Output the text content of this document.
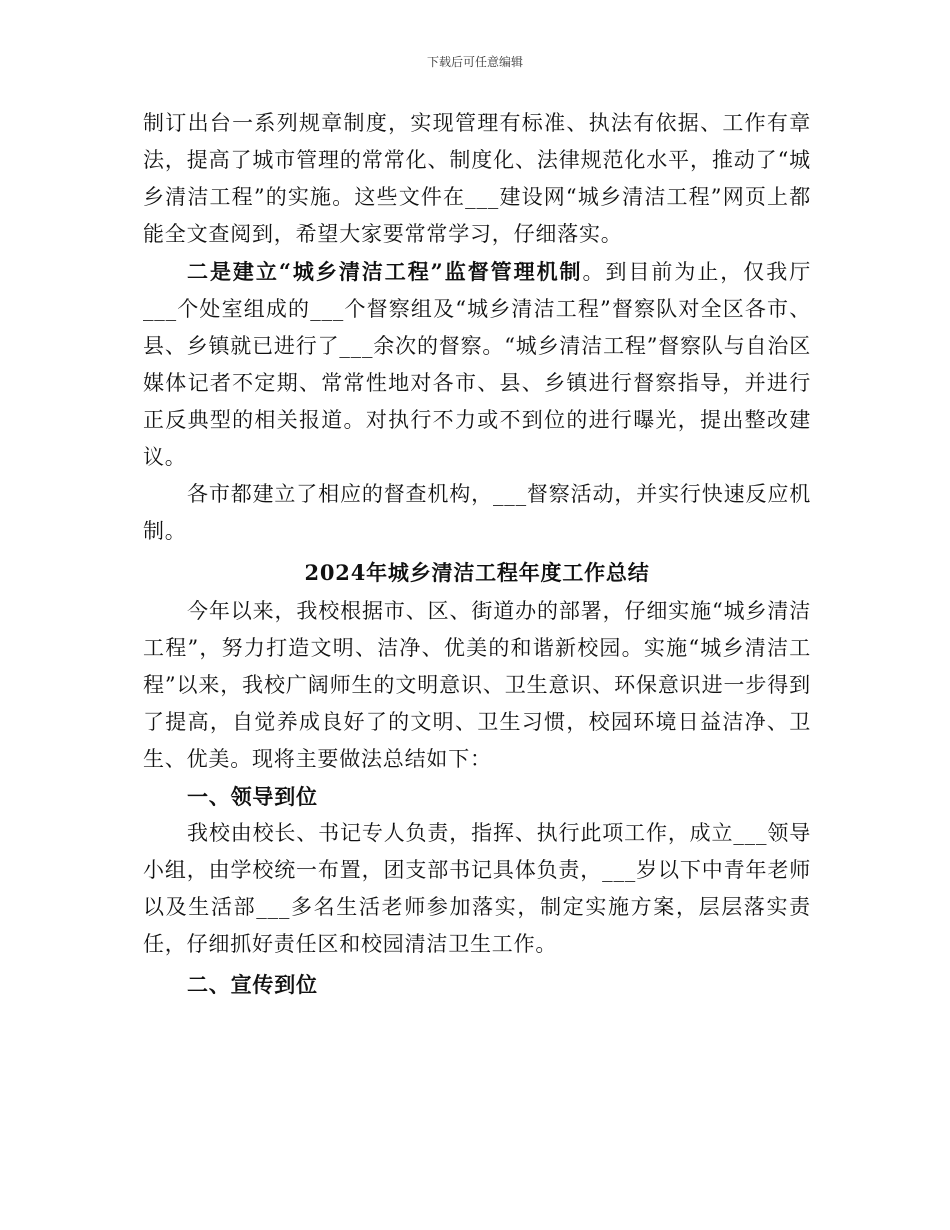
下载后可任意编辑

制订出台一系列规章制度，实现管理有标准、执法有依据、工作有章法，提高了城市管理的常常化、制度化、法律规范化水平，推动了“城乡清洁工程”的实施。这些文件在___建设网“城乡清洁工程”网页上都能全文查阅到，希望大家要常常学习，仔细落实。

二是建立“城乡清洁工程”监督管理机制。到目前为止，仅我厅___个处室组成的___个督察组及“城乡清洁工程”督察队对全区各市、县、乡镇就已进行了___余次的督察。“城乡清洁工程”督察队与自治区媒体记者不定期、常常性地对各市、县、乡镇进行督察指导，并进行正反典型的相关报道。对执行不力或不到位的进行曝光，提出整改建议。

各市都建立了相应的督查机构，___督察活动，并实行快速反应机制。

2024年城乡清洁工程年度工作总结

今年以来，我校根据市、区、街道办的部署，仔细实施“城乡清洁工程”，努力打造文明、洁净、优美的和谐新校园。实施“城乡清洁工程”以来，我校广阔师生的文明意识、卫生意识、环保意识进一步得到了提高，自觉养成良好了的文明、卫生习惯，校园环境日益洁净、卫生、优美。现将主要做法总结如下：

一、领导到位

我校由校长、书记专人负责，指挥、执行此项工作，成立___领导小组，由学校统一布置，团支部书记具体负责，___岁以下中青年老师以及生活部___多名生活老师参加落实，制定实施方案，层层落实责任，仔细抓好责任区和校园清洁卫生工作。

二、宣传到位
